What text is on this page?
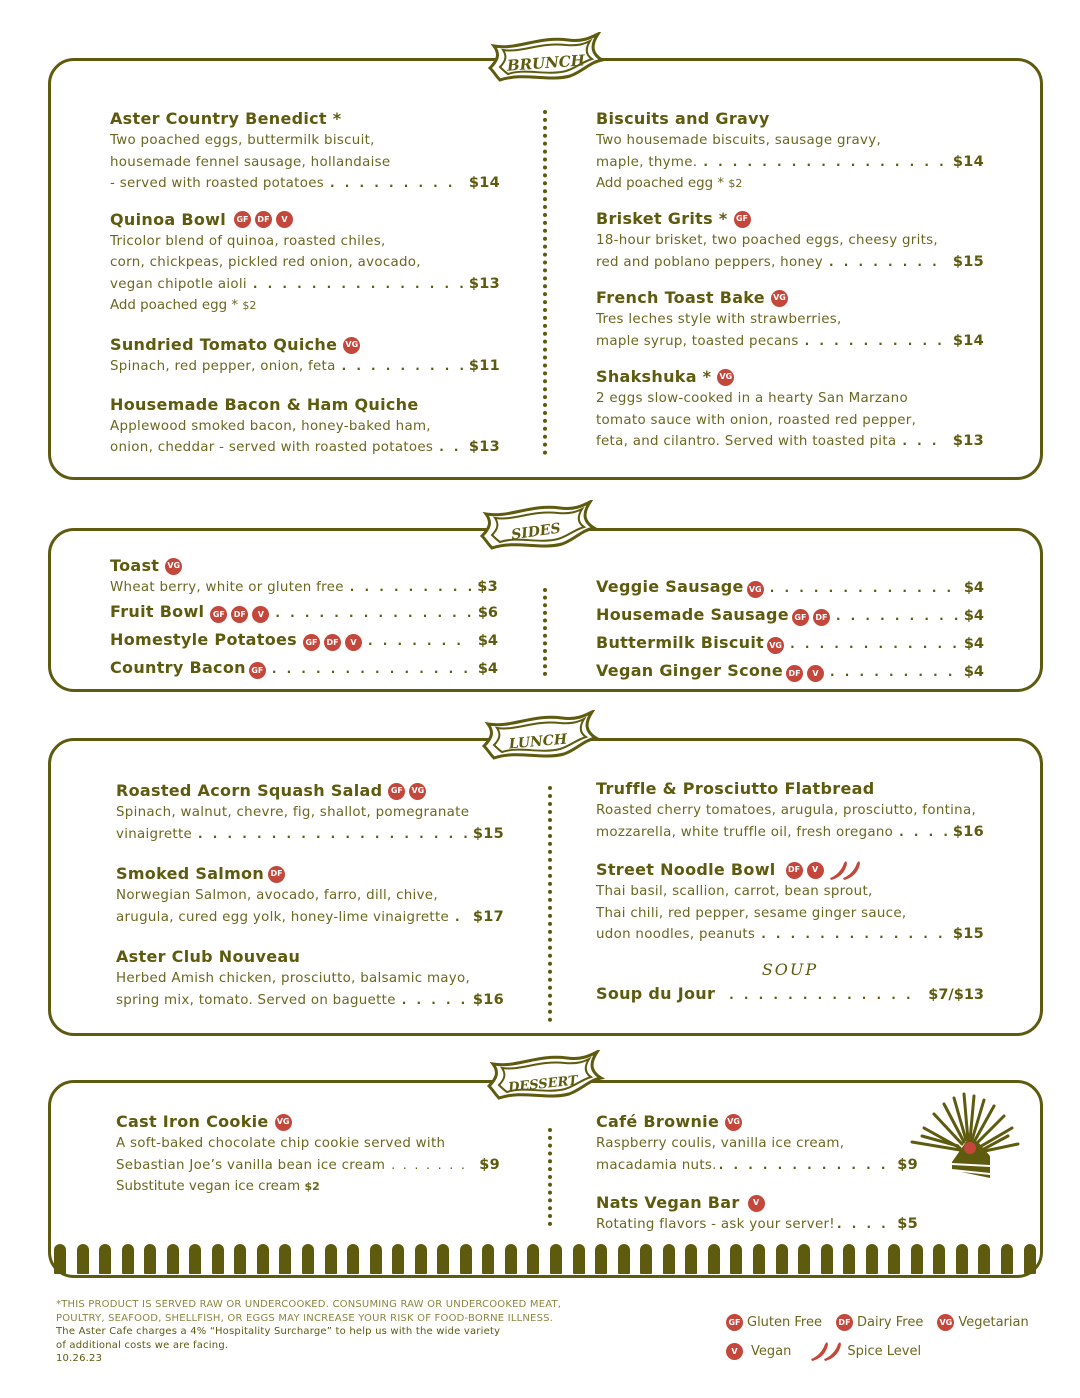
BRUNCH
Aster Country Benedict *
Two poached eggs, buttermilk biscuit,
housemade fennel sausage, hollandaise
- served with roasted potatoes . . .	$14
Quinoa Bowl	GF	DF	V
Tricolor blend of quinoa, roasted chiles,
corn, chickpeas, pickled red onion, avocado,
vegan chipotle aioli . . .	$13
Add poached egg * $2
Sundried Tomato Quiche VG
Spinach, red pepper, onion, feta . . .	$11
Housemade Bacon & Ham Quiche
Applewood smoked bacon, honey-baked ham,
onion, cheddar - served with roasted potatoes . . . $13
Biscuits and Gravy
Two housemade biscuits, sausage gravy,
maple, thyme. . . .	$14
Add poached egg * $2
Brisket Grits *	GF
18-hour brisket, two poached eggs, cheesy grits,
red and poblano peppers, honey . . .	$15
French Toast Bake VG
Tres leches style with strawberries,
maple syrup, toasted pecans . . .	$14
Shakshuka * VG
2 eggs slow-cooked in a hearty San Marzano
tomato sauce with onion, roasted red pepper,
feta, and cilantro. Served with toasted pita . . .	$13
SIDES
Toast VG
Wheat berry, white or gluten free . . .	$3
Fruit Bowl	GF	DF	V . . .	$6
Homestyle Potatoes	GF	DF	V . . .	$4
Country Bacon GF . . .	$4
Veggie Sausage VG . . .	$4
Housemade Sausage GF	DF . . .	$4
Buttermilk Biscuit VG . . .	$4
Vegan Ginger Scone DF	V . . .	$4
LUNCH
Roasted Acorn Squash Salad	GF	VG
Spinach, walnut, chevre, fig, shallot, pomegranate
vinaigrette . . .	$15
Smoked Salmon DF
Norwegian Salmon, avocado, farro, dill, chive,
arugula, cured egg yolk, honey-lime vinaigrette . . . $17
Aster Club Nouveau
Herbed Amish chicken, prosciutto, balsamic mayo,
spring mix, tomato. Served on baguette . . .	$16
Truffle & Prosciutto Flatbread
Roasted cherry tomatoes, arugula, prosciutto, fontina,
mozzarella, white truffle oil, fresh oregano . . .	$16
Street Noodle Bowl	DF	V
Thai basil, scallion, carrot, bean sprout,
Thai chili, red pepper, sesame ginger sauce,
udon noodles, peanuts . . .	$15
SOUP
Soup du Jour . . .	$7/$13
DESSERT
Cast Iron Cookie VG
A soft-baked chocolate chip cookie served with
Sebastian Joe’s vanilla bean ice cream . . .	$9
Substitute vegan ice cream $2
Café Brownie VG
Raspberry coulis, vanilla ice cream,
macadamia nuts. . . .	$9
Nats Vegan Bar	V
Rotating flavors - ask your server! . . .	$5
*THIS PRODUCT IS SERVED RAW OR UNDERCOOKED. CONSUMING RAW OR UNDERCOOKED MEAT,
POULTRY, SEAFOOD, SHELLFISH, OR EGGS MAY INCREASE YOUR RISK OF FOOD-BORNE ILLNESS.
The Aster Cafe charges a 4% “Hospitality Surcharge” to help us with the wide variety
of additional costs we are facing.
10.26.23
GF Gluten Free	DF Dairy Free VG Vegetarian
V	Vegan	Spice Level
